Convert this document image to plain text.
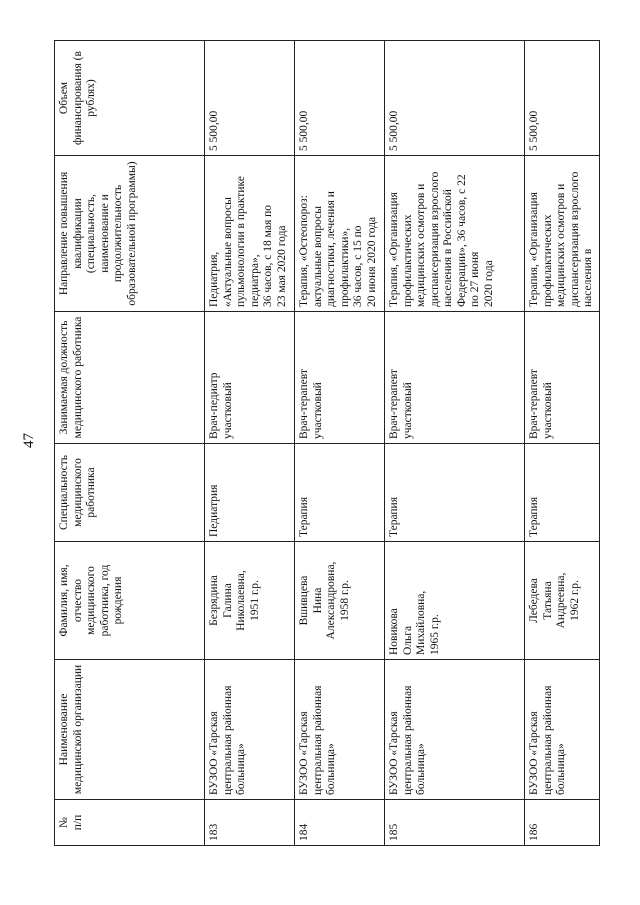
47
№
п/п	Наименование медицинской организации	Фамилия, имя, отчество медицинского работника, год рождения	Специальность медицинского работника	Занимаемая должность медицинского работника	Направление повышения квалификации (специальность, наименование и продолжительность образовательной программы)	Объем финансирования (в рублях)
183	БУЗОО «Тарская центральная районная больница»	Безрядина
Галина
Николаевна,
1951 г.р.	Педиатрия	Врач-педиатр участковый	Педиатрия,
«Актуальные вопросы пульмонологии в практике педиатра»,
36 часов, с 18 мая по
23 мая 2020 года	5 500,00
184	БУЗОО «Тарская центральная районная больница»	Вшивцева
Нина
Александровна,
1958 г.р.	Терапия	Врач-терапевт участковый	Терапия, «Остеопороз: актуальные вопросы диагностики, лечения и профилактики»,
36 часов, с 15 по
20 июня 2020 года	5 500,00
185	БУЗОО «Тарская центральная районная больница»	Новикова
Ольга
Михайловна,
1965 г.р.	Терапия	Врач-терапевт участковый	Терапия, «Организация профилактических медицинских осмотров и диспансеризация взрослого населения в Российской Федерации», 36 часов, с 22 по 27 июня
2020 года	5 500,00
186	БУЗОО «Тарская центральная районная больница»	Лебедева
Татьяна
Андреевна,
1962 г.р.	Терапия	Врач-терапевт участковый	Терапия, «Организация профилактических медицинских осмотров и диспансеризация взрослого населения в	5 500,00
